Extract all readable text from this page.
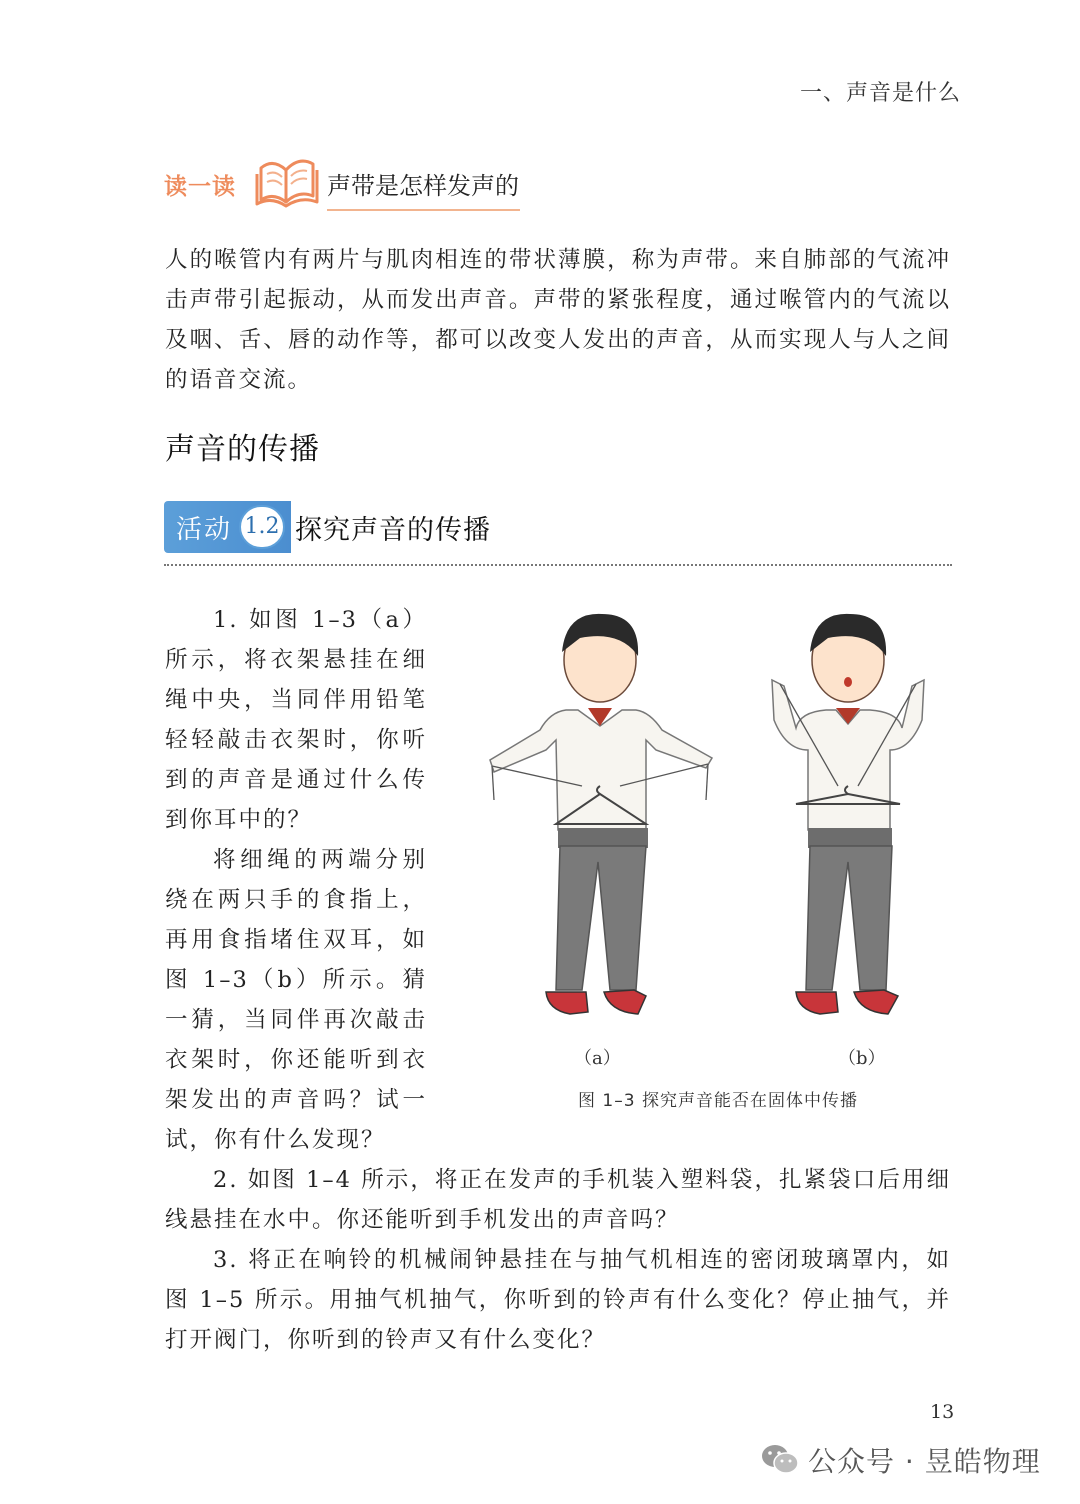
一、声音是什么
读一读	声带是怎样发声的
人的喉管内有两片与肌肉相连的带状薄膜，称为声带。来自肺部的气流冲击声带引起振动，从而发出声音。声带的紧张程度，通过喉管内的气流以及咽、舌、唇的动作等，都可以改变人发出的声音，从而实现人与人之间的语音交流。
声音的传播
活动 1.2 探究声音的传播

1. 如图 1–3（a）所示，将衣架悬挂在细绳中央，当同伴用铅笔轻轻敲击衣架时，你听到的声音是通过什么传到你耳中的？

将细绳的两端分别绕在两只手的食指上，再用食指堵住双耳，如图 1–3（b）所示。猜一猜，当同伴再次敲击衣架时，你还能听到衣架发出的声音吗？试一试，你有什么发现？

（a）	（b）
图 1–3 探究声音能否在固体中传播
2. 如图 1–4 所示，将正在发声的手机装入塑料袋，扎紧袋口后用细线悬挂在水中。你还能听到手机发出的声音吗？
3. 将正在响铃的机械闹钟悬挂在与抽气机相连的密闭玻璃罩内，如图 1–5 所示。用抽气机抽气，你听到的铃声有什么变化？停止抽气，并打开阀门，你听到的铃声又有什么变化？
13
公众号 · 昱皓物理
